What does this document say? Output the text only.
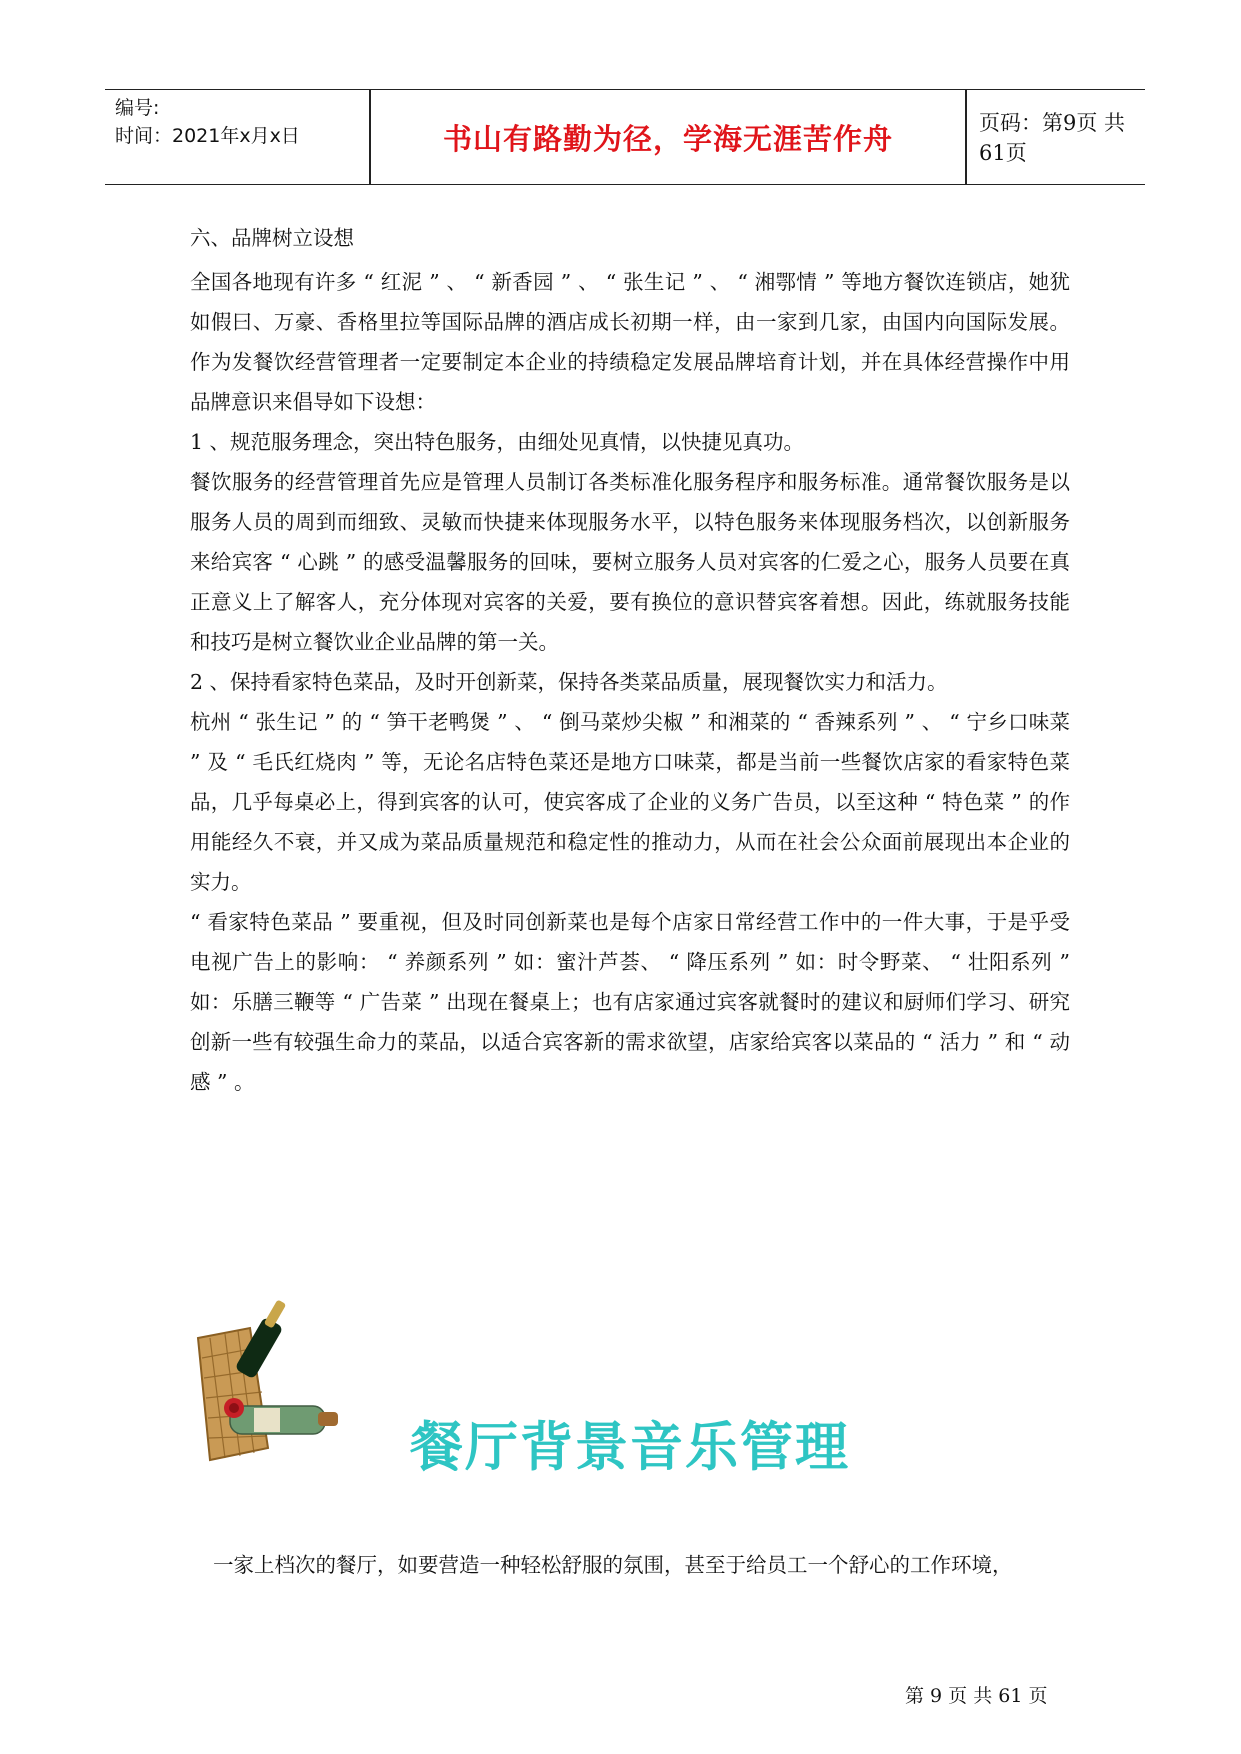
编号:
时间：2021年x月x日	书山有路勤为径，学海无涯苦作舟	页码：第9页 共61页

六、品牌树立设想

全国各地现有许多 “ 红泥 ” 、 “ 新香园 ” 、 “ 张生记 ” 、 “ 湘鄂情 ” 等地方餐饮连锁店，她犹如假曰、万豪、香格里拉等国际品牌的酒店成长初期一样，由一家到几家，由国内向国际发展。作为发餐饮经营管理者一定要制定本企业的持绩稳定发展品牌培育计划，并在具体经营操作中用品牌意识来倡导如下设想：

1 、规范服务理念，突出特色服务，由细处见真情，以快捷见真功。

餐饮服务的经营管理首先应是管理人员制订各类标准化服务程序和服务标准。通常餐饮服务是以服务人员的周到而细致、灵敏而快捷来体现服务水平，以特色服务来体现服务档次，以创新服务来给宾客 “ 心跳 ” 的感受温馨服务的回味，要树立服务人员对宾客的仁爱之心，服务人员要在真正意义上了解客人，充分体现对宾客的关爱，要有换位的意识替宾客着想。因此，练就服务技能和技巧是树立餐饮业企业品牌的第一关。

2 、保持看家特色菜品，及时开创新菜，保持各类菜品质量，展现餐饮实力和活力。

杭州 “ 张生记 ” 的 “ 笋干老鸭煲 ” 、 “ 倒马菜炒尖椒 ” 和湘菜的 “ 香辣系列 ” 、 “ 宁乡口味菜 ” 及 “ 毛氏红烧肉 ” 等，无论名店特色菜还是地方口味菜，都是当前一些餐饮店家的看家特色菜品，几乎每桌必上，得到宾客的认可，使宾客成了企业的义务广告员，以至这种 “ 特色菜 ” 的作用能经久不衰，并又成为菜品质量规范和稳定性的推动力，从而在社会公众面前展现出本企业的实力。

“ 看家特色菜品 ” 要重视，但及时同创新菜也是每个店家日常经营工作中的一件大事，于是乎受电视广告上的影响： “ 养颜系列 ” 如：蜜汁芦荟、 “ 降压系列 ” 如：时令野菜、 “ 壮阳系列 ” 如：乐膳三鞭等 “ 广告菜 ” 出现在餐桌上；也有店家通过宾客就餐时的建议和厨师们学习、研究创新一些有较强生命力的菜品，以适合宾客新的需求欲望，店家给宾客以菜品的 “ 活力 ” 和 “ 动感 ” 。

餐厅背景音乐管理
一家上档次的餐厅，如要营造一种轻松舒服的氛围，甚至于给员工一个舒心的工作环境，
第 9 页 共 61 页
